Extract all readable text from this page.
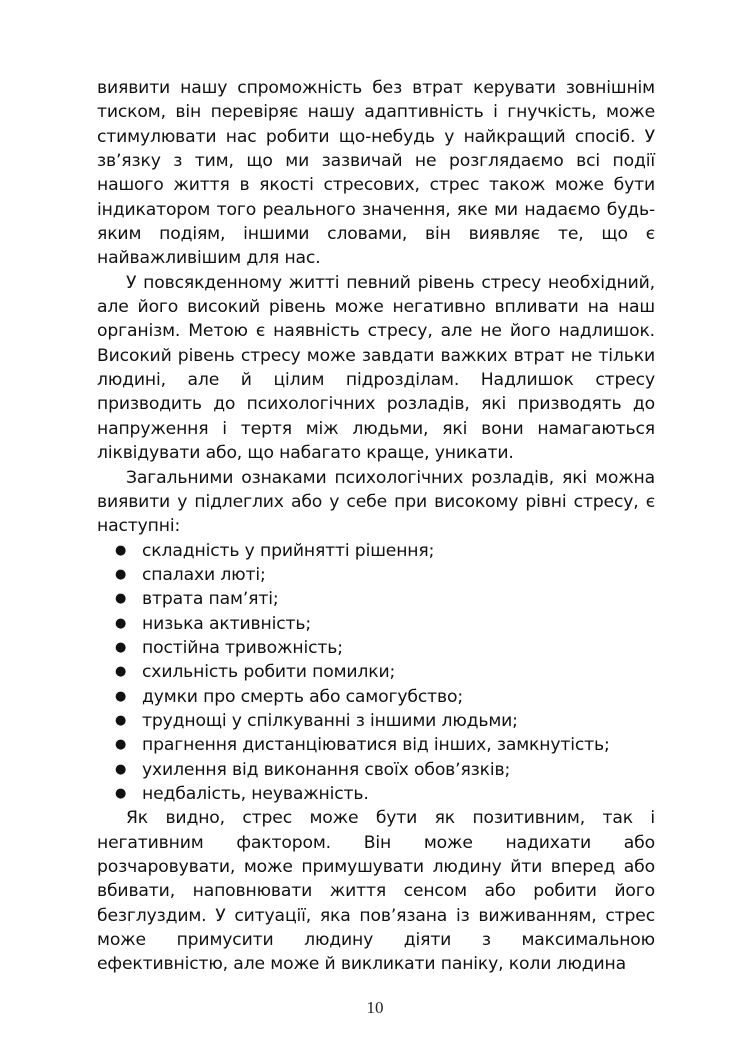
виявити нашу спроможність без втрат керувати зовнішнім тиском, він перевіряє нашу адаптивність і гнучкість, може стимулювати нас робити що-небудь у найкращий спосіб. У звʼязку з тим, що ми зазвичай не розглядаємо всі події нашого життя в якості стресових, стрес також може бути індикатором того реального значення, яке ми надаємо будь-яким подіям, іншими словами, він виявляє те, що є найважливішим для нас.

У повсякденному житті певний рівень стресу необхідний, але його високий рівень може негативно впливати на наш організм. Метою є наявність стресу, але не його надлишок. Високий рівень стресу може завдати важких втрат не тільки людині, але й цілим підрозділам. Надлишок стресу призводить до психологічних розладів, які призводять до напруження і тертя між людьми, які вони намагаються ліквідувати або, що набагато краще, уникати.

Загальними ознаками психологічних розладів, які можна виявити у підлеглих або у себе при високому рівні стресу, є наступні:

● складність у прийнятті рішення;
● спалахи люті;
● втрата памʼяті;
● низька активність;
● постійна тривожність;
● схильність робити помилки;
● думки про смерть або самогубство;
● труднощі у спілкуванні з іншими людьми;
● прагнення дистанціюватися від інших, замкнутість;
● ухилення від виконання своїх обовʼязків;
● недбалість, неуважність.

Як видно, стрес може бути як позитивним, так і негативним фактором. Він може надихати або розчаровувати, може примушувати людину йти вперед або вбивати, наповнювати життя сенсом або робити його безглуздим. У ситуації, яка повʼязана із виживанням, стрес може примусити людину діяти з максимальною ефективністю, але може й викликати паніку, коли людина

10
